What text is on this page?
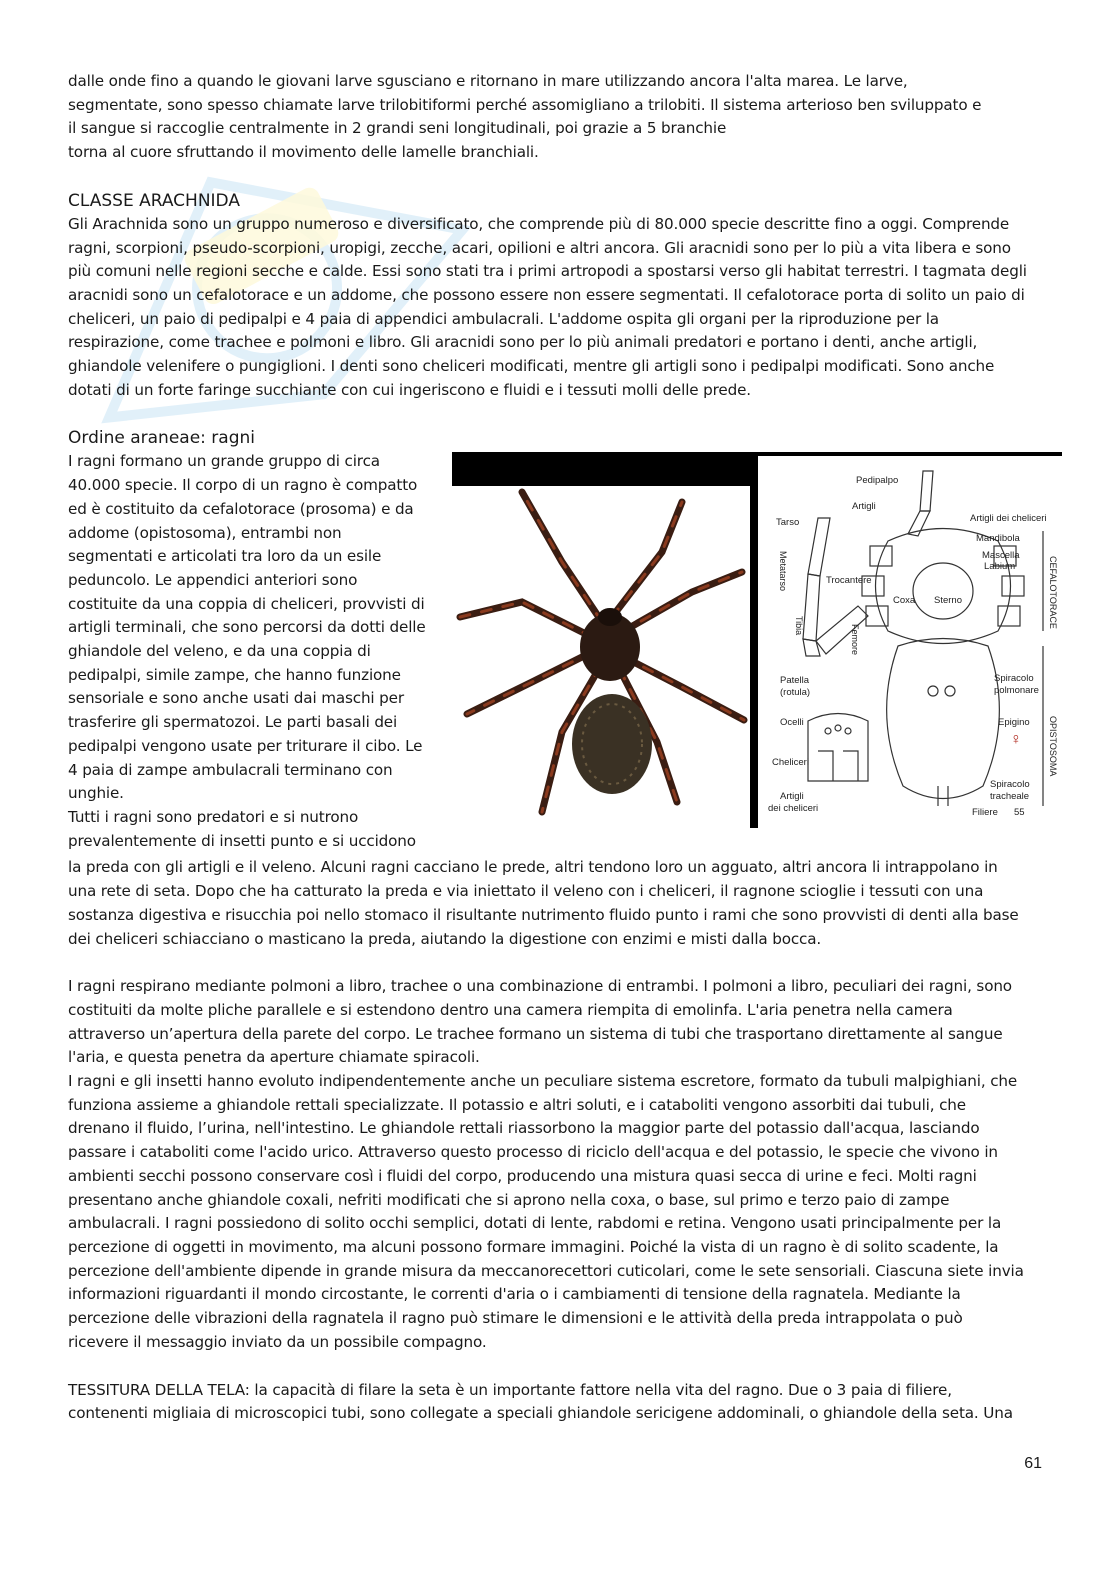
dalle onde fino a quando le giovani larve sgusciano e ritornano in mare utilizzando ancora l'alta marea. Le larve,
segmentate, sono spesso chiamate larve trilobitiformi perché assomigliano a trilobiti. Il sistema arterioso ben sviluppato e
il sangue si raccoglie centralmente in 2 grandi seni longitudinali, poi grazie a 5 branchie
torna al cuore sfruttando il movimento delle lamelle branchiali.

CLASSE ARACHNIDA

Gli Arachnida sono un gruppo numeroso e diversificato, che comprende più di 80.000 specie descritte fino a oggi. Comprende
ragni, scorpioni, pseudo-scorpioni, uropigi, zecche, acari, opilioni e altri ancora. Gli aracnidi sono per lo più a vita libera e sono
più comuni nelle regioni secche e calde. Essi sono stati tra i primi artropodi a spostarsi verso gli habitat terrestri. I tagmata degli
aracnidi sono un cefalotorace e un addome, che possono essere non essere segmentati. Il cefalotorace porta di solito un paio di
cheliceri, un paio di pedipalpi e 4 paia di appendici ambulacrali. L'addome ospita gli organi per la riproduzione per la
respirazione, come trachee e polmoni e libro. Gli aracnidi sono per lo più animali predatori e portano i denti, anche artigli,
ghiandole velenifere o pungiglioni. I denti sono cheliceri modificati, mentre gli artigli sono i pedipalpi modificati. Sono anche
dotati di un forte faringe succhiante con cui ingeriscono e fluidi e i tessuti molli delle prede.

Ordine araneae: ragni

I ragni formano un grande gruppo di circa
40.000 specie. Il corpo di un ragno è compatto
ed è costituito da cefalotorace (prosoma) e da
addome (opistosoma), entrambi non
segmentati e articolati tra loro da un esile
peduncolo. Le appendici anteriori sono
costituite da una coppia di cheliceri, provvisti di
artigli terminali, che sono percorsi da dotti delle
ghiandole del veleno, e da una coppia di
pedipalpi, simile zampe, che hanno funzione
sensoriale e sono anche usati dai maschi per
trasferire gli spermatozoi. Le parti basali dei
pedipalpi vengono usate per triturare il cibo. Le
4 paia di zampe ambulacrali terminano con
unghie.
Tutti i ragni sono predatori e si nutrono
prevalentemente di insetti punto e si uccidono

Pedipalpo
Artigli
Tarso	Artigli dei cheliceri
Mandibola
Mascella
Labium
Trocantere
Coxa Sterno
Metatarso
Tibia	Femore
CEFALOTORACE
OPISTOSOMA
Patella
(rotula)
Spiracolo
polmonare
Ocelli	Epigino
♀
Cheliceri
Artigli
dei cheliceri
Spiracolo
tracheale
Filiere 55

la preda con gli artigli e il veleno. Alcuni ragni cacciano le prede, altri tendono loro un agguato, altri ancora li intrappolano in
una rete di seta. Dopo che ha catturato la preda e via iniettato il veleno con i cheliceri, il ragnone scioglie i tessuti con una
sostanza digestiva e risucchia poi nello stomaco il risultante nutrimento fluido punto i rami che sono provvisti di denti alla base
dei cheliceri schiacciano o masticano la preda, aiutando la digestione con enzimi e misti dalla bocca.

I ragni respirano mediante polmoni a libro, trachee o una combinazione di entrambi. I polmoni a libro, peculiari dei ragni, sono
costituiti da molte pliche parallele e si estendono dentro una camera riempita di emolinfa. L'aria penetra nella camera
attraverso un’apertura della parete del corpo. Le trachee formano un sistema di tubi che trasportano direttamente al sangue
l'aria, e questa penetra da aperture chiamate spiracoli.
I ragni e gli insetti hanno evoluto indipendentemente anche un peculiare sistema escretore, formato da tubuli malpighiani, che
funziona assieme a ghiandole rettali specializzate. Il potassio e altri soluti, e i cataboliti vengono assorbiti dai tubuli, che
drenano il fluido, l’urina, nell'intestino. Le ghiandole rettali riassorbono la maggior parte del potassio dall'acqua, lasciando
passare i cataboliti come l'acido urico. Attraverso questo processo di riciclo dell'acqua e del potassio, le specie che vivono in
ambienti secchi possono conservare così i fluidi del corpo, producendo una mistura quasi secca di urine e feci. Molti ragni
presentano anche ghiandole coxali, nefriti modificati che si aprono nella coxa, o base, sul primo e terzo paio di zampe
ambulacrali. I ragni possiedono di solito occhi semplici, dotati di lente, rabdomi e retina. Vengono usati principalmente per la
percezione di oggetti in movimento, ma alcuni possono formare immagini. Poiché la vista di un ragno è di solito scadente, la
percezione dell'ambiente dipende in grande misura da meccanorecettori cuticolari, come le sete sensoriali. Ciascuna siete invia
informazioni riguardanti il mondo circostante, le correnti d'aria o i cambiamenti di tensione della ragnatela. Mediante la
percezione delle vibrazioni della ragnatela il ragno può stimare le dimensioni e le attività della preda intrappolata o può
ricevere il messaggio inviato da un possibile compagno.

TESSITURA DELLA TELA: la capacità di filare la seta è un importante fattore nella vita del ragno. Due o 3 paia di filiere,
contenenti migliaia di microscopici tubi, sono collegate a speciali ghiandole sericigene addominali, o ghiandole della seta. Una

61
